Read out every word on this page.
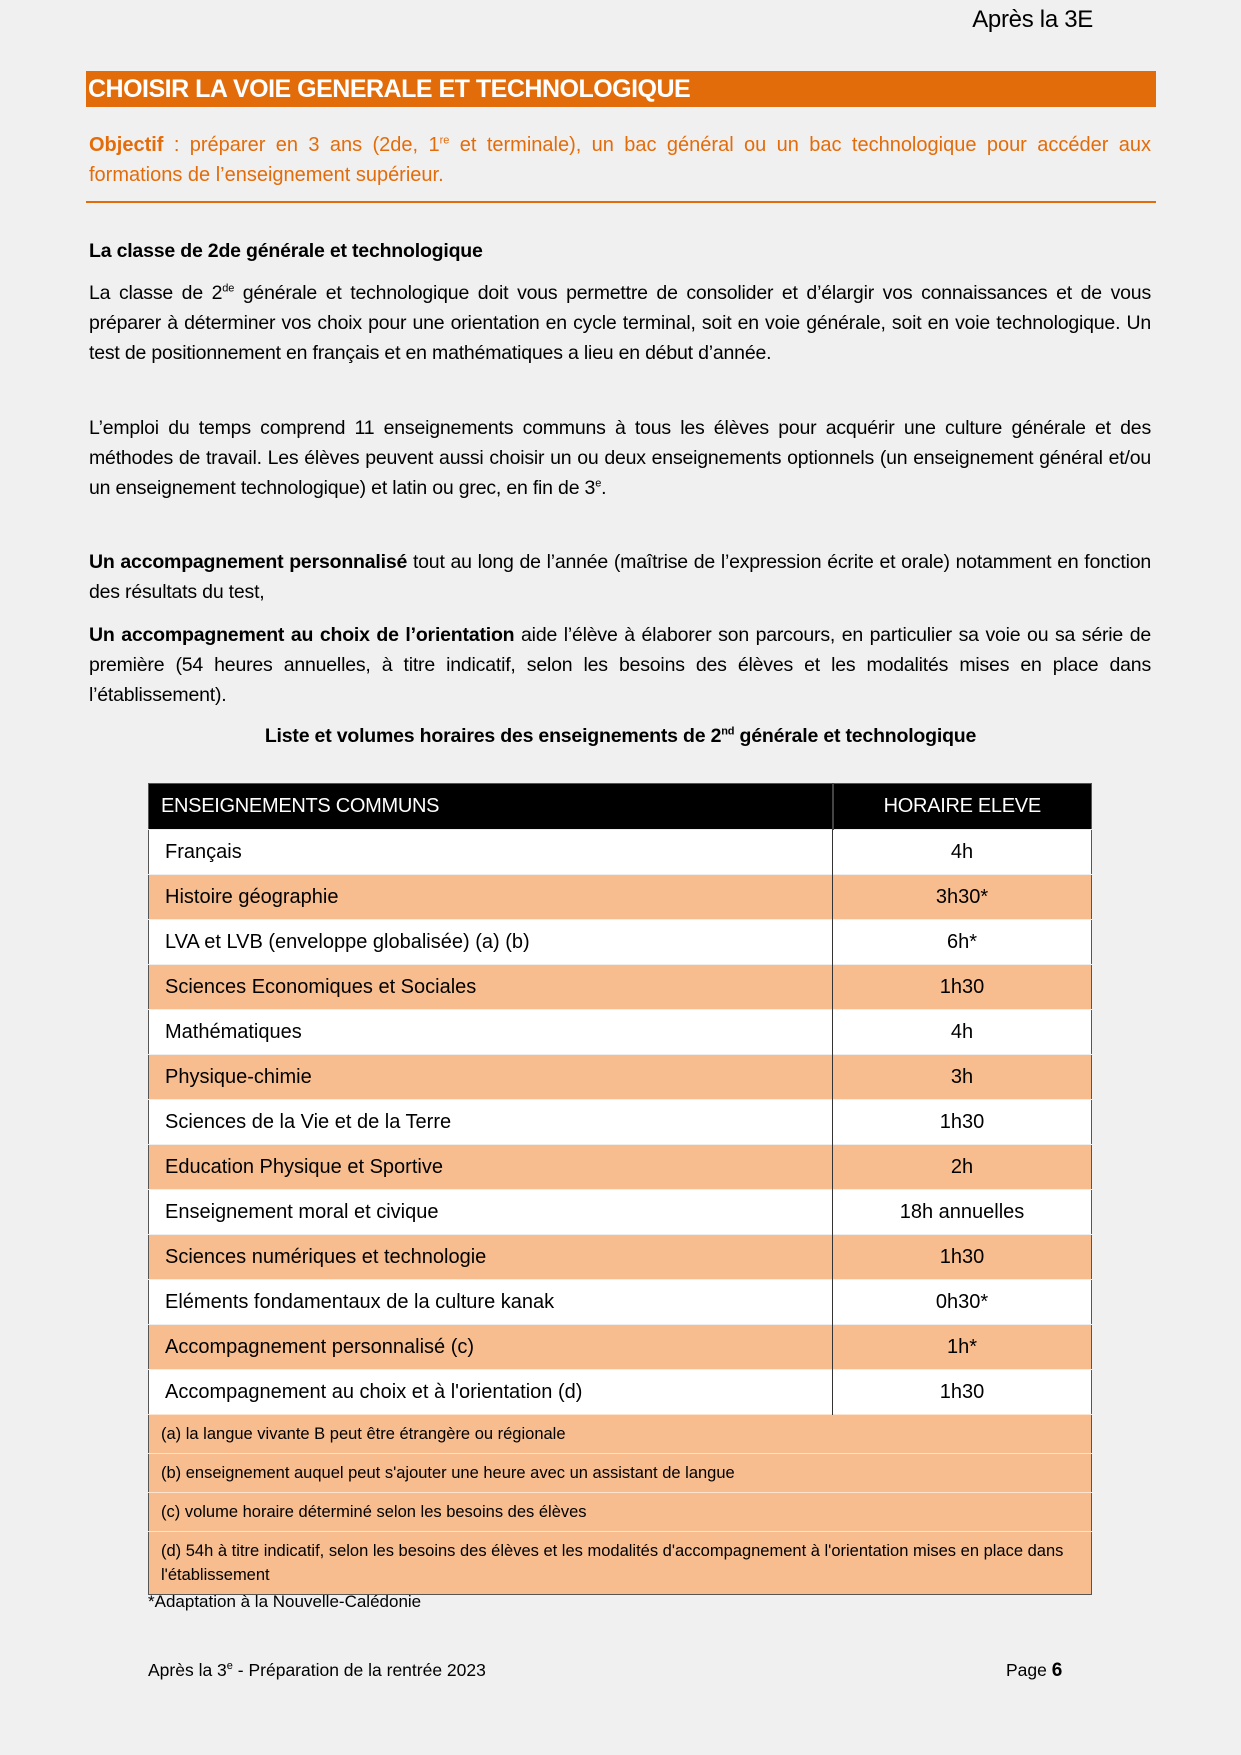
Après la 3E
CHOISIR LA VOIE GENERALE ET TECHNOLOGIQUE
Objectif : préparer en 3 ans (2de, 1re et terminale), un bac général ou un bac technologique pour accéder aux formations de l’enseignement supérieur.
La classe de 2de générale et technologique
La classe de 2de générale et technologique doit vous permettre de consolider et d’élargir vos connaissances et de vous préparer à déterminer vos choix pour une orientation en cycle terminal, soit en voie générale, soit en voie technologique. Un test de positionnement en français et en mathématiques a lieu en début d’année.
L’emploi du temps comprend 11 enseignements communs à tous les élèves pour acquérir une culture générale et des méthodes de travail. Les élèves peuvent aussi choisir un ou deux enseignements optionnels (un enseignement général et/ou un enseignement technologique) et latin ou grec, en fin de 3e.
Un accompagnement personnalisé tout au long de l’année (maîtrise de l’expression écrite et orale) notamment en fonction des résultats du test,
Un accompagnement au choix de l’orientation aide l’élève à élaborer son parcours, en particulier sa voie ou sa série de première (54 heures annuelles, à titre indicatif, selon les besoins des élèves et les modalités mises en place dans l’établissement).
Liste et volumes horaires des enseignements de 2nd générale et technologique
ENSEIGNEMENTS COMMUNS	HORAIRE ELEVE
Français	4h
Histoire géographie	3h30*
LVA et LVB (enveloppe globalisée) (a) (b)	6h*
Sciences Economiques et Sociales	1h30
Mathématiques	4h
Physique-chimie	3h
Sciences de la Vie et de la Terre	1h30
Education Physique et Sportive	2h
Enseignement moral et civique	18h annuelles
Sciences numériques et technologie	1h30
Eléments fondamentaux de la culture kanak	0h30*
Accompagnement personnalisé (c)	1h*
Accompagnement au choix et à l'orientation (d)	1h30
(a) la langue vivante B peut être étrangère ou régionale	
(b) enseignement auquel peut s'ajouter une heure avec un assistant de langue	
(c) volume horaire déterminé selon les besoins des élèves	
(d) 54h à titre indicatif, selon les besoins des élèves et les modalités d'accompagnement à l'orientation mises en place dans l'établissement	
*Adaptation à la Nouvelle-Calédonie
Après la 3e - Préparation de la rentrée 2023	Page 6
